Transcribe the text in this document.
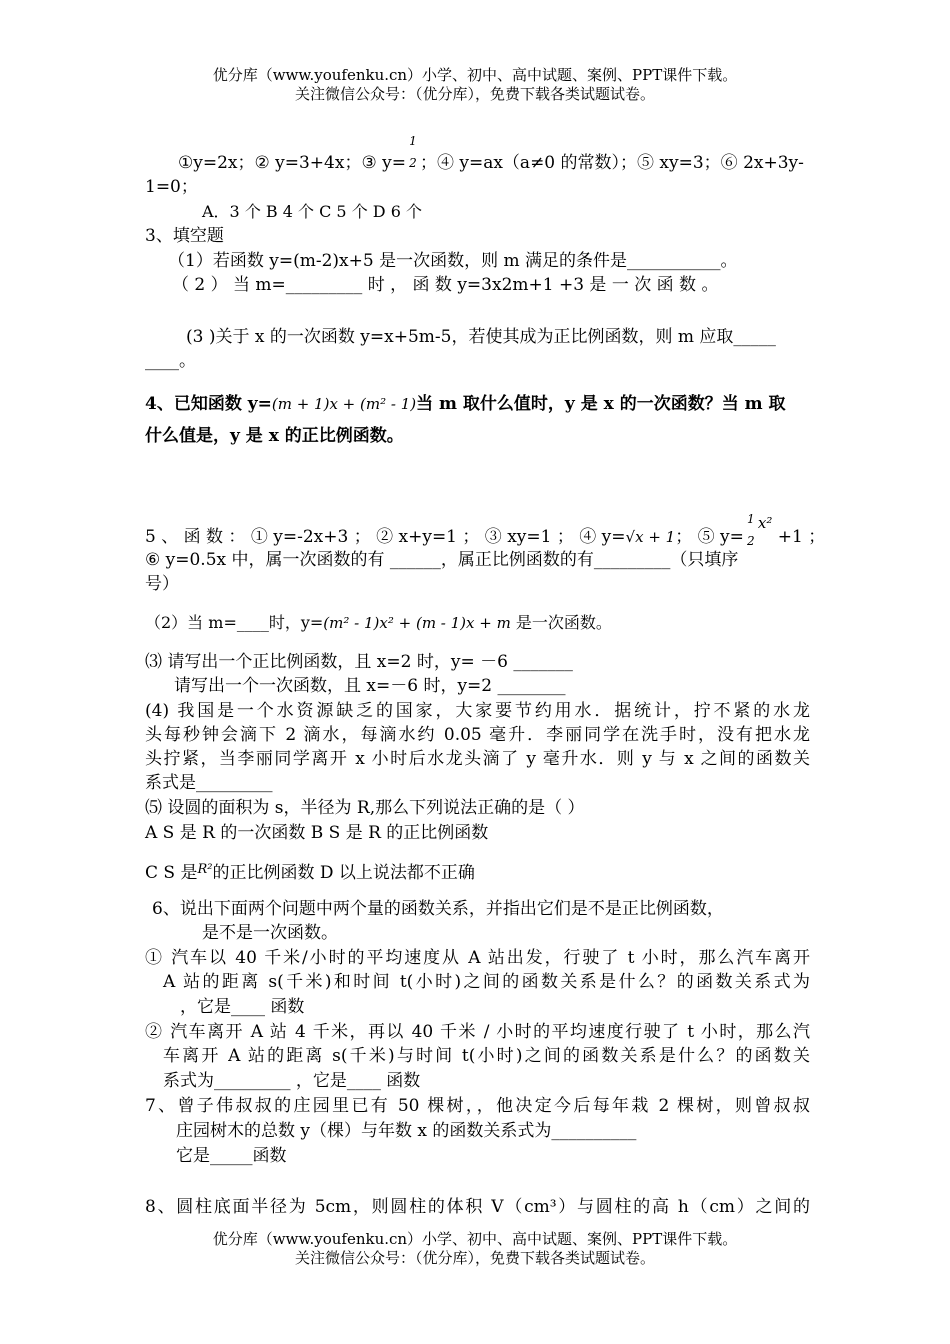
优分库（www.youfenku.cn）小学、初中、高中试题、案例、PPT课件下载。
关注微信公众号：（优分库），免费下载各类试题试卷。
①y=2x；② y=3+4x；③ y=
1
2 ；④ y=ax（a≠0 的常数）；⑤ xy=3；⑥ 2x+3y-
1=0；
A．3 个 B 4 个 C 5 个 D 6 个
3、填空题
（1）若函数 y=(m-2)x+5 是一次函数，则 m 满足的条件是___________。
（ 2 ） 当 m=_________ 时 ， 函 数 y=3x2m+1 +3 是 一 次 函 数 。
(3 )关于 x 的一次函数 y=x+5m-5，若使其成为正比例函数，则 m 应取_____
____。
4、已知函数 y=(m + 1)x + (m² - 1)当 m 取什么值时，y 是 x 的一次函数？当 m 取
什么值是，y 是 x 的正比例函数。
5 、 函 数 ： ① y=-2x+3 ； ② x+y=1 ； ③ xy=1 ； ④ y=√x + 1； ⑤ y=
1
2
x² +1 ；
⑥ y=0.5x 中，属一次函数的有 ______，属正比例函数的有_________（只填序
号）
（2）当 m=____时，y=(m² - 1)x² + (m - 1)x + m 是一次函数。
⑶ 请写出一个正比例函数，且 x=2 时，y= －6 _______
请写出一个一次函数，且 x=－6 时，y=2 ________
(4) 我国是一个水资源缺乏的国家，大家要节约用水．据统计，拧不紧的水龙
头每秒钟会滴下 2 滴水，每滴水约 0.05 毫升．李丽同学在洗手时，没有把水龙
头拧紧，当李丽同学离开 x 小时后水龙头滴了 y 毫升水．则 y 与 x 之间的函数关
系式是_________
⑸ 设圆的面积为 s，半径为 R,那么下列说法正确的是（ ）
A S 是 R 的一次函数 B S 是 R 的正比例函数
C S 是$^{R^2}$的正比例函数 D 以上说法都不正确
6、说出下面两个问题中两个量的函数关系，并指出它们是不是正比例函数，
是不是一次函数。
① 汽车以 40 千米/小时的平均速度从 A 站出发，行驶了 t 小时，那么汽车离开
A 站的距离 s(千米)和时间 t(小时)之间的函数关系是什么？的函数关系式为
，它是____ 函数
② 汽车离开 A 站 4 千米，再以 40 千米 / 小时的平均速度行驶了 t 小时，那么汽
车离开 A 站的距离 s(千米)与时间 t(小时)之间的函数关系是什么？的函数关
系式为_________ ，它是____ 函数
7、曾子伟叔叔的庄园里已有 50 棵树，，他决定今后每年栽 2 棵树，则曾叔叔
庄园树木的总数 y（棵）与年数 x 的函数关系式为__________
它是_____函数
8、圆柱底面半径为 5cm，则圆柱的体积 V（cm³）与圆柱的高 h（cm）之间的
优分库（www.youfenku.cn）小学、初中、高中试题、案例、PPT课件下载。
关注微信公众号：（优分库），免费下载各类试题试卷。
